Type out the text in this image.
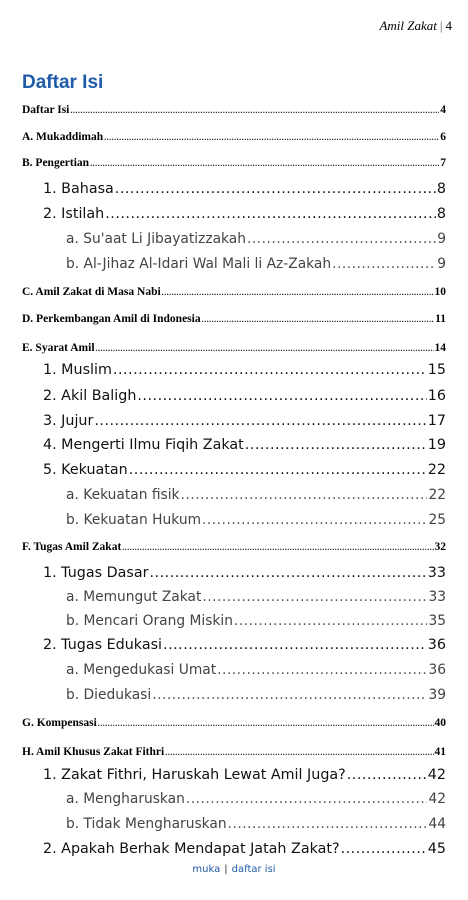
Amil Zakat | 4
Daftar Isi
Daftar Isi .....	4
A. Mukaddimah .....	6
B. Pengertian .....	7
1. Bahasa .....	8
2. Istilah .....	8
a. Su'aat Li Jibayatizzakah .....	9
b. Al-Jihaz Al-Idari Wal Mali li Az-Zakah .....	9
C. Amil Zakat di Masa Nabi .....	10
D. Perkembangan Amil di Indonesia .....	11
E. Syarat Amil .....	14
1. Muslim .....	15
2. Akil Baligh .....	16
3. Jujur .....	17
4. Mengerti Ilmu Fiqih Zakat .....	19
5. Kekuatan .....	22
a. Kekuatan fisik .....	22
b. Kekuatan Hukum .....	25
F. Tugas Amil Zakat .....	32
1. Tugas Dasar .....	33
a. Memungut Zakat .....	33
b. Mencari Orang Miskin .....	35
2. Tugas Edukasi .....	36
a. Mengedukasi Umat .....	36
b. Diedukasi .....	39
G. Kompensasi .....	40
H. Amil Khusus Zakat Fithri .....	41
1. Zakat Fithri, Haruskah Lewat Amil Juga? .....	42
a. Mengharuskan .....	42
b. Tidak Mengharuskan .....	44
2. Apakah Berhak Mendapat Jatah Zakat? .....	45
muka | daftar isi
